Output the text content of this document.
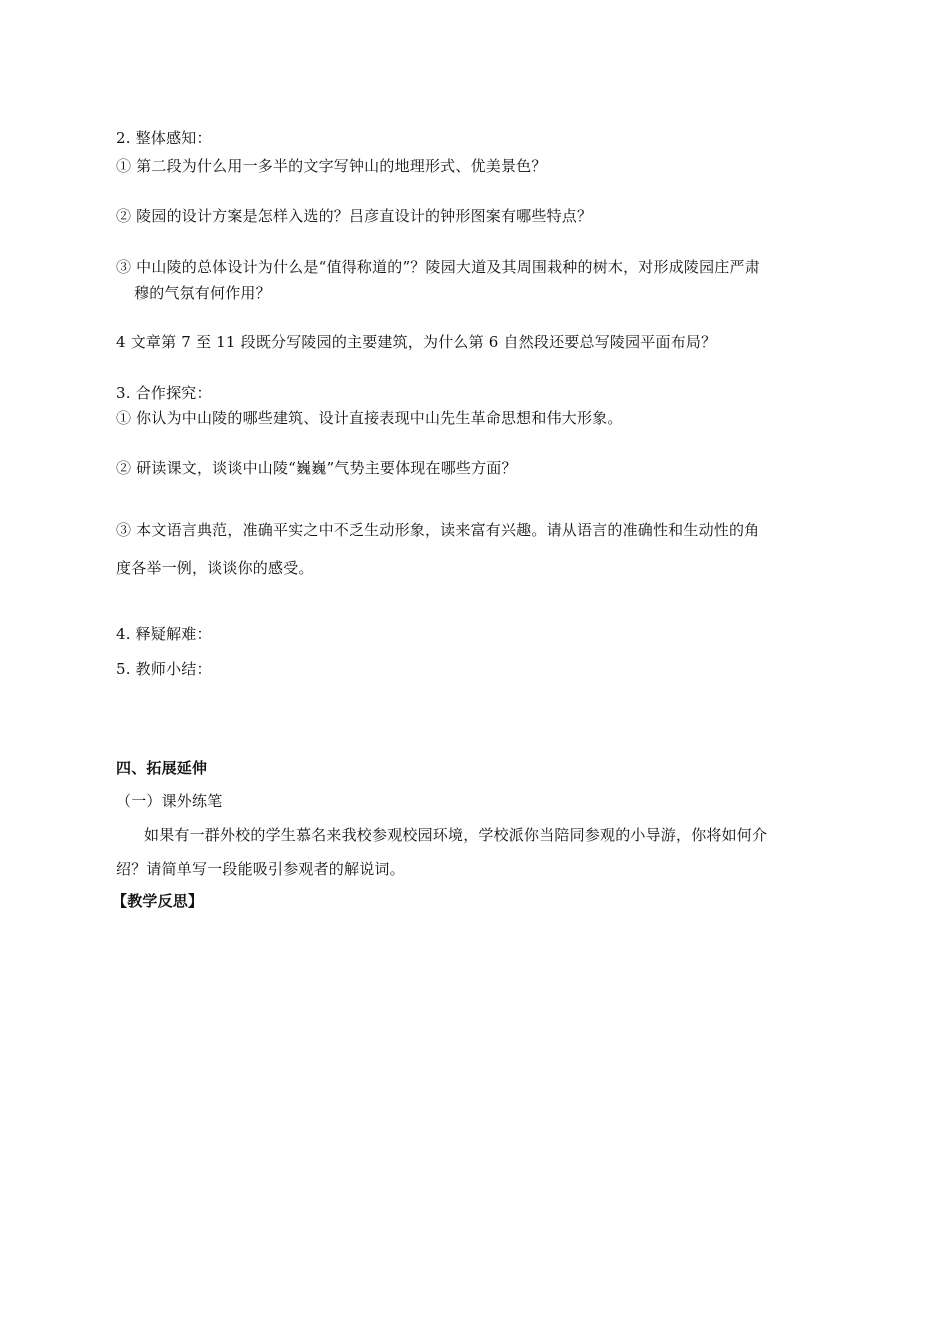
2. 整体感知：
① 第二段为什么用一多半的文字写钟山的地理形式、优美景色？
② 陵园的设计方案是怎样入选的？吕彦直设计的钟形图案有哪些特点？
③ 中山陵的总体设计为什么是“值得称道的”？陵园大道及其周围栽种的树木，对形成陵园庄严肃
穆的气氛有何作用？
4 文章第 7 至 11 段既分写陵园的主要建筑，为什么第 6 自然段还要总写陵园平面布局？
3. 合作探究：
① 你认为中山陵的哪些建筑、设计直接表现中山先生革命思想和伟大形象。
② 研读课文，谈谈中山陵“巍巍”气势主要体现在哪些方面？
③ 本文语言典范，准确平实之中不乏生动形象，读来富有兴趣。请从语言的准确性和生动性的角
度各举一例，谈谈你的感受。
4. 释疑解难：
5. 教师小结：
四、拓展延伸
（一）课外练笔
如果有一群外校的学生慕名来我校参观校园环境，学校派你当陪同参观的小导游，你将如何介
绍？请简单写一段能吸引参观者的解说词。
【教学反思】
